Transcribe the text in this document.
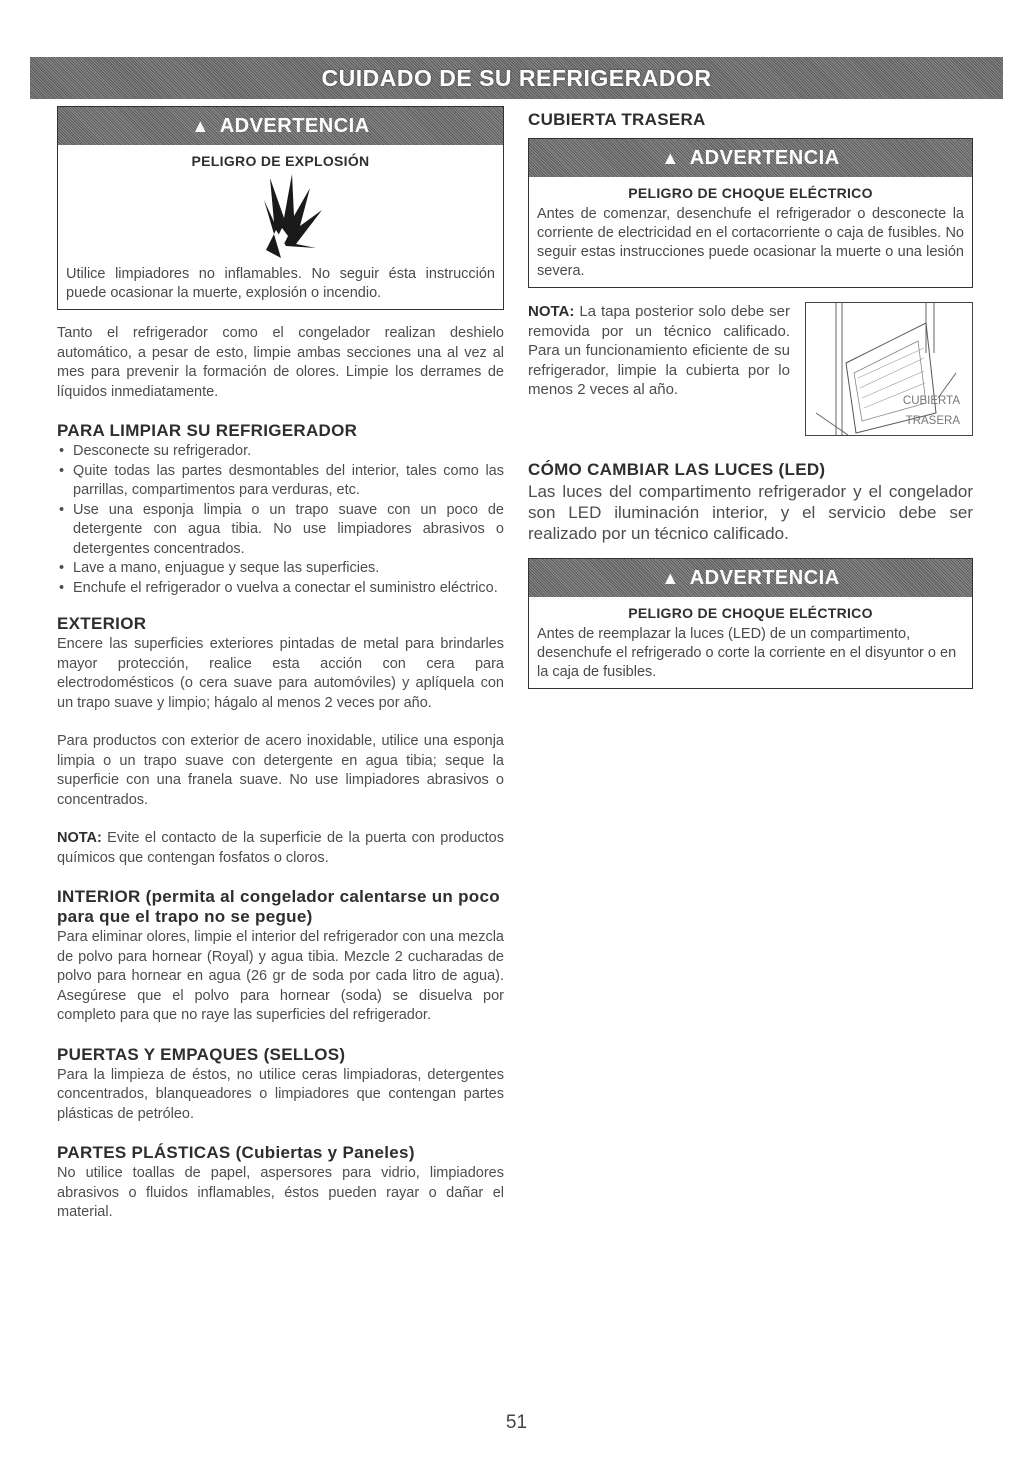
CUIDADO DE SU REFRIGERADOR
▲ ADVERTENCIA
PELIGRO DE EXPLOSIÓN
Utilice limpiadores no inflamables. No seguir ésta instrucción puede ocasionar la muerte, explosión o incendio.

Tanto el refrigerador como el congelador realizan deshielo automático, a pesar de esto, limpie ambas secciones una al vez al mes para prevenir la formación de olores. Limpie los derrames de líquidos inmediatamente.

PARA LIMPIAR SU REFRIGERADOR
• Desconecte su refrigerador.
• Quite todas las partes desmontables del interior, tales como las parrillas, compartimentos para verduras, etc.
• Use una esponja limpia o un trapo suave con un poco de detergente con agua tibia. No use limpiadores abrasivos o detergentes concentrados.
• Lave a mano, enjuague y seque las superficies.
• Enchufe el refrigerador o vuelva a conectar el suministro eléctrico.
EXTERIOR

Encere las superficies exteriores pintadas de metal para brindarles mayor protección, realice esta acción con cera para electrodomésticos (o cera suave para automóviles) y aplíquela con un trapo suave y limpio; hágalo al menos 2 veces por año.

Para productos con exterior de acero inoxidable, utilice una esponja limpia o un trapo suave con detergente en agua tibia; seque la superficie con una franela suave. No use limpiadores abrasivos o concentrados.

NOTA: Evite el contacto de la superficie de la puerta con productos químicos que contengan fosfatos o cloros.

INTERIOR (permita al congelador calentarse un poco para que el trapo no se pegue)

Para eliminar olores, limpie el interior del refrigerador con una mezcla de polvo para hornear (Royal) y agua tibia. Mezcle 2 cucharadas de polvo para hornear en agua (26 gr de soda por cada litro de agua). Asegúrese que el polvo para hornear (soda) se disuelva por completo para que no raye las superficies del refrigerador.

PUERTAS Y EMPAQUES (SELLOS)

Para la limpieza de éstos, no utilice ceras limpiadoras, detergentes concentrados, blanqueadores o limpiadores que contengan partes plásticas de petróleo.

PARTES PLÁSTICAS (Cubiertas y Paneles)

No utilice toallas de papel, aspersores para vidrio, limpiadores abrasivos o fluidos inflamables, éstos pueden rayar o dañar el material.

CUBIERTA TRASERA
▲ ADVERTENCIA
PELIGRO DE CHOQUE ELÉCTRICO
Antes de comenzar, desenchufe el refrigerador o desconecte la corriente de electricidad en el cortacorriente o caja de fusibles. No seguir estas instrucciones puede ocasionar la muerte o una lesión severa.

NOTA: La tapa posterior solo debe ser removida por un técnico calificado. Para un funcionamiento eficiente de su refrigerador, limpie la cubierta por lo menos 2 veces al año.

CUBIERTA
TRASERA
CÓMO CAMBIAR LAS LUCES (LED)

Las luces del compartimento refrigerador y el congelador son LED iluminación interior, y el servicio debe ser realizado por un técnico calificado.

▲ ADVERTENCIA
PELIGRO DE CHOQUE ELÉCTRICO
Antes de reemplazar la luces (LED) de un compartimento, desenchufe el refrigerado o corte la corriente en el disyuntor o en la caja de fusibles.
51
